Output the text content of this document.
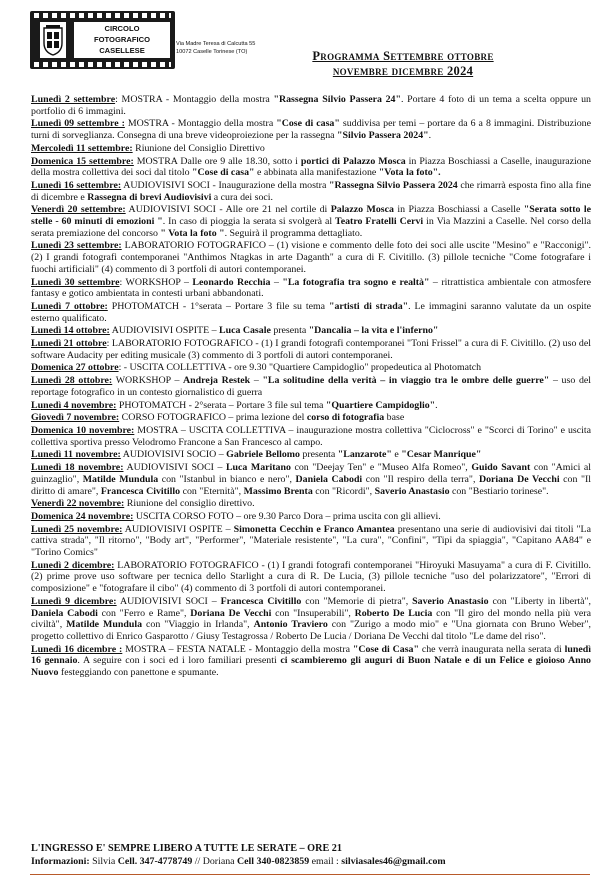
CIRCOLO
FOTOGRAFICO
CASELLESE
Via Madre Teresa di Calcutta 55
10072 Caselle Torinese (TO)	Programma Settembre ottobre
novembre dicembre 2024
Lunedì 2 settembre: MOSTRA - Montaggio della mostra "Rassegna Silvio Passera 24". Portare 4 foto di un tema a scelta oppure un portfolio di 6 immagini.
Lunedì 09 settembre : MOSTRA - Montaggio della mostra "Cose di casa" suddivisa per temi – portare da 6 a 8 immagini. Distribuzione turni di sorveglianza. Consegna di una breve videoproiezione per la rassegna "Silvio Passera 2024".
Mercoledì 11 settembre: Riunione del Consiglio Direttivo
Domenica 15 settembre: MOSTRA Dalle ore 9 alle 18.30, sotto i portici di Palazzo Mosca in Piazza Boschiassi a Caselle, inaugurazione della mostra collettiva dei soci dal titolo "Cose di casa" e abbinata alla manifestazione "Vota la foto".
Lunedì 16 settembre: AUDIOVISIVI SOCI - Inaugurazione della mostra "Rassegna Silvio Passera 2024 che rimarrà esposta fino alla fine di dicembre e Rassegna di brevi Audiovisivi a cura dei soci.
Venerdì 20 settembre: AUDIOVISIVI SOCI - Alle ore 21 nel cortile di Palazzo Mosca in Piazza Boschiassi a Caselle "Serata sotto le stelle - 60 minuti di emozioni ". In caso di pioggia la serata si svolgerà al Teatro Fratelli Cervi in Via Mazzini a Caselle. Nel corso della serata premiazione del concorso " Vota la foto ". Seguirà il programma dettagliato.
Lunedì 23 settembre: LABORATORIO FOTOGRAFICO – (1) visione e commento delle foto dei soci alle uscite "Mesino" e "Racconigi". (2) I grandi fotografi contemporanei "Anthimos Ntagkas in arte Daganth" a cura di F. Civitillo. (3) pillole tecniche "Come fotografare i fuochi artificiali" (4) commento di 3 portfoli di autori contemporanei.
Lunedì 30 settembre: WORKSHOP – Leonardo Recchia – "La fotografia tra sogno e realtà" – ritrattistica ambientale con atmosfere fantasy e gotico ambientata in contesti urbani abbandonati.
Lunedì 7 ottobre: PHOTOMATCH - 1°serata – Portare 3 file su tema "artisti di strada". Le immagini saranno valutate da un ospite esterno qualificato.
Lunedì 14 ottobre: AUDIOVISIVI OSPITE – Luca Casale presenta "Dancalia – la vita e l'inferno"
Lunedì 21 ottobre: LABORATORIO FOTOGRAFICO - (1) I grandi fotografi contemporanei "Toni Frissel" a cura di F. Civitillo. (2) uso del software Audacity per editing musicale (3) commento di 3 portfoli di autori contemporanei.
Domenica 27 ottobre: - USCITA COLLETTIVA - ore 9.30 "Quartiere Campidoglio" propedeutica al Photomatch
Lunedì 28 ottobre: WORKSHOP – Andreja Restek – "La solitudine della verità – in viaggio tra le ombre delle guerre" – uso del reportage fotografico in un contesto giornalistico di guerra
Lunedì 4 novembre: PHOTOMATCH - 2°serata – Portare 3 file sul tema "Quartiere Campidoglio".
Giovedì 7 novembre: CORSO FOTOGRAFICO – prima lezione del corso di fotografia base
Domenica 10 novembre: MOSTRA – USCITA COLLETTIVA – inaugurazione mostra collettiva "Ciclocross" e "Scorci di Torino" e uscita collettiva sportiva presso Velodromo Francone a San Francesco al campo.
Lunedì 11 novembre: AUDIOVISIVI SOCIO – Gabriele Bellomo presenta "Lanzarote" e "Cesar Manrique"
Lunedì 18 novembre: AUDIOVISIVI SOCI – Luca Maritano con "Deejay Ten" e "Museo Alfa Romeo", Guido Savant con "Amici al guinzaglio", Matilde Mundula con "Istanbul in bianco e nero", Daniela Cabodi con "Il respiro della terra", Doriana De Vecchi con "Il diritto di amare", Francesca Civitillo con "Eternità", Massimo Brenta con "Ricordi", Saverio Anastasio con "Bestiario torinese".
Venerdì 22 novembre: Riunione del consiglio direttivo.
Domenica 24 novembre: USCITA CORSO FOTO – ore 9.30 Parco Dora – prima uscita con gli allievi.
Lunedì 25 novembre: AUDIOVISIVI OSPITE – Simonetta Cecchin e Franco Amantea presentano una serie di audiovisivi dai titoli "La cattiva strada", "Il ritorno", "Body art", "Performer", "Materiale resistente", "La cura", "Confini", "Tipi da spiaggia", "Capitano AA84" e "Torino Comics"
Lunedì 2 dicembre: LABORATORIO FOTOGRAFICO - (1) I grandi fotografi contemporanei "Hiroyuki Masuyama" a cura di F. Civitillo. (2) prime prove uso software per tecnica dello Starlight a cura di R. De Lucia, (3) pillole tecniche "uso del polarizzatore", "Errori di composizione" e "fotografare il cibo" (4) commento di 3 portfoli di autori contemporanei.
Lunedì 9 dicembre: AUDIOVISIVI SOCI – Francesca Civitillo con "Memorie di pietra", Saverio Anastasio con "Liberty in libertà", Daniela Cabodi con "Ferro e Rame", Doriana De Vecchi con "Insuperabili", Roberto De Lucia con "Il giro del mondo nella più vera civiltà", Matilde Mundula con "Viaggio in Irlanda", Antonio Traviero con "Zurigo a modo mio" e "Una giornata con Bruno Weber", progetto collettivo di Enrico Gasparotto / Giusy Testagrossa / Roberto De Lucia / Doriana De Vecchi dal titolo "Le dame del riso".
Lunedì 16 dicembre : MOSTRA – FESTA NATALE - Montaggio della mostra "Cose di Casa" che verrà inaugurata nella serata di lunedì 16 gennaio. A seguire con i soci ed i loro familiari presenti ci scambieremo gli auguri di Buon Natale e di un Felice e gioioso Anno Nuovo festeggiando con panettone e spumante.
L'INGRESSO E' SEMPRE LIBERO A TUTTE LE SERATE – ORE 21
Informazioni: Silvia Cell. 347-4778749 // Doriana Cell 340-0823859 email : silviasales46@gmail.com
